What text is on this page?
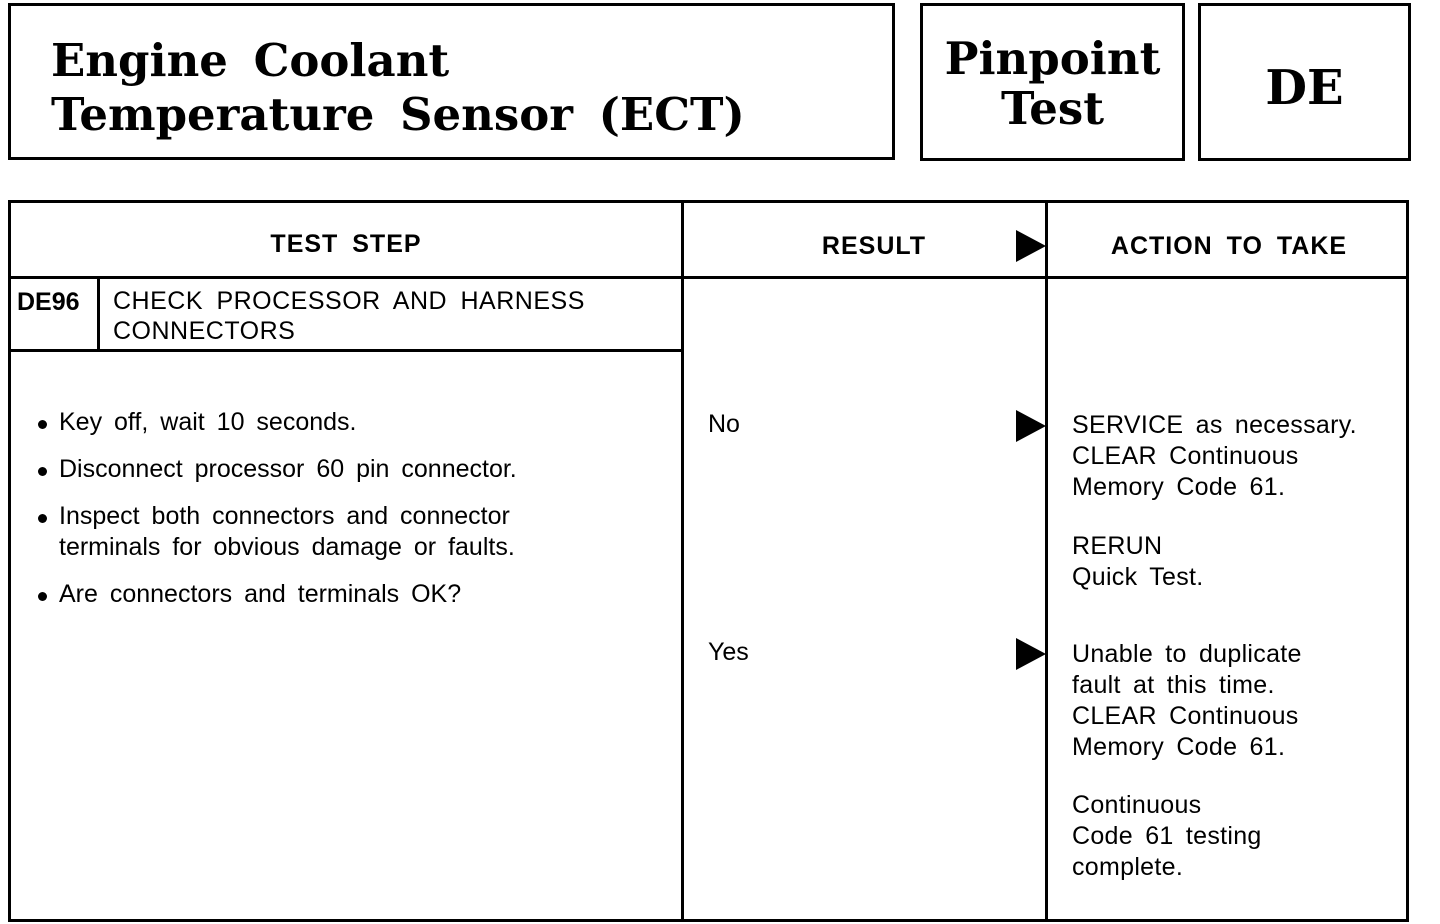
Engine Coolant
Temperature Sensor (ECT)
Pinpoint
Test	DE
TEST STEP	RESULT	ACTION TO TAKE
DE96 CHECK PROCESSOR AND HARNESS
CONNECTORS
Key off, wait 10 seconds.
Disconnect processor 60 pin connector.
Inspect both connectors and connector terminals for obvious damage or faults.
Are connectors and terminals OK?
No	SERVICE as necessary.
CLEAR Continuous
Memory Code 61.
RERUN
Quick Test.
Yes	Unable to duplicate
fault at this time.
CLEAR Continuous
Memory Code 61.
Continuous
Code 61 testing
complete.
